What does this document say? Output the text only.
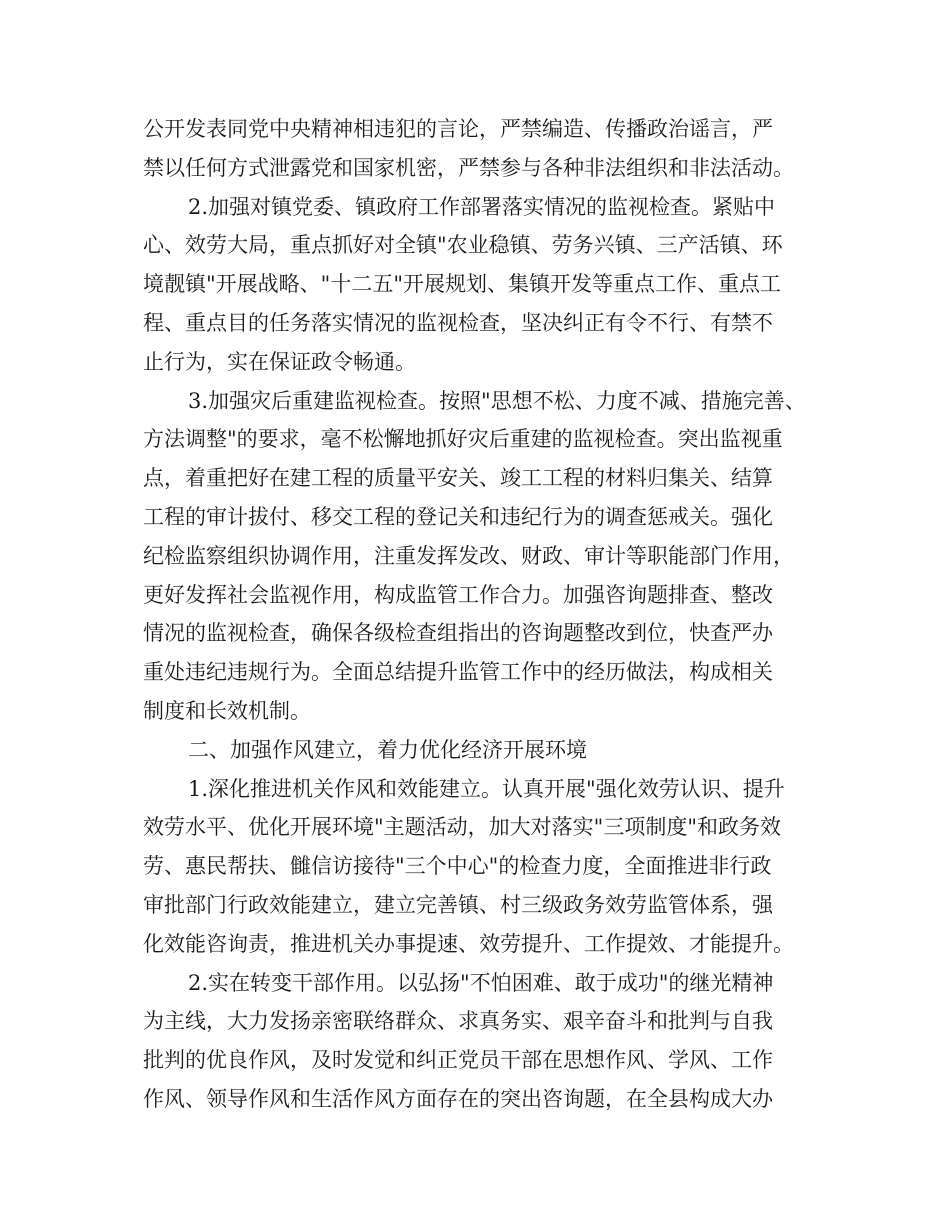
公开发表同党中央精神相违犯的言论，严禁编造、传播政治谣言，严
禁以任何方式泄露党和国家机密，严禁参与各种非法组织和非法活动。
2.加强对镇党委、镇政府工作部署落实情况的监视检查。紧贴中
心、效劳大局，重点抓好对全镇"农业稳镇、劳务兴镇、三产活镇、环
境靓镇"开展战略、"十二五"开展规划、集镇开发等重点工作、重点工
程、重点目的任务落实情况的监视检查，坚决纠正有令不行、有禁不
止行为，实在保证政令畅通。
3.加强灾后重建监视检查。按照"思想不松、力度不减、措施完善、
方法调整"的要求，毫不松懈地抓好灾后重建的监视检查。突出监视重
点，着重把好在建工程的质量平安关、竣工工程的材料归集关、结算
工程的审计拔付、移交工程的登记关和违纪行为的调查惩戒关。强化
纪检监察组织协调作用，注重发挥发改、财政、审计等职能部门作用，
更好发挥社会监视作用，构成监管工作合力。加强咨询题排查、整改
情况的监视检查，确保各级检查组指出的咨询题整改到位，快查严办
重处违纪违规行为。全面总结提升监管工作中的经历做法，构成相关
制度和长效机制。
二、加强作风建立，着力优化经济开展环境
1.深化推进机关作风和效能建立。认真开展"强化效劳认识、提升
效劳水平、优化开展环境"主题活动，加大对落实"三项制度"和政务效
劳、惠民帮扶、雠信访接待"三个中心"的检查力度，全面推进非行政
审批部门行政效能建立，建立完善镇、村三级政务效劳监管体系，强
化效能咨询责，推进机关办事提速、效劳提升、工作提效、才能提升。
2.实在转变干部作用。以弘扬"不怕困难、敢于成功"的继光精神
为主线，大力发扬亲密联络群众、求真务实、艰辛奋斗和批判与自我
批判的优良作风，及时发觉和纠正党员干部在思想作风、学风、工作
作风、领导作风和生活作风方面存在的突出咨询题，在全县构成大办
